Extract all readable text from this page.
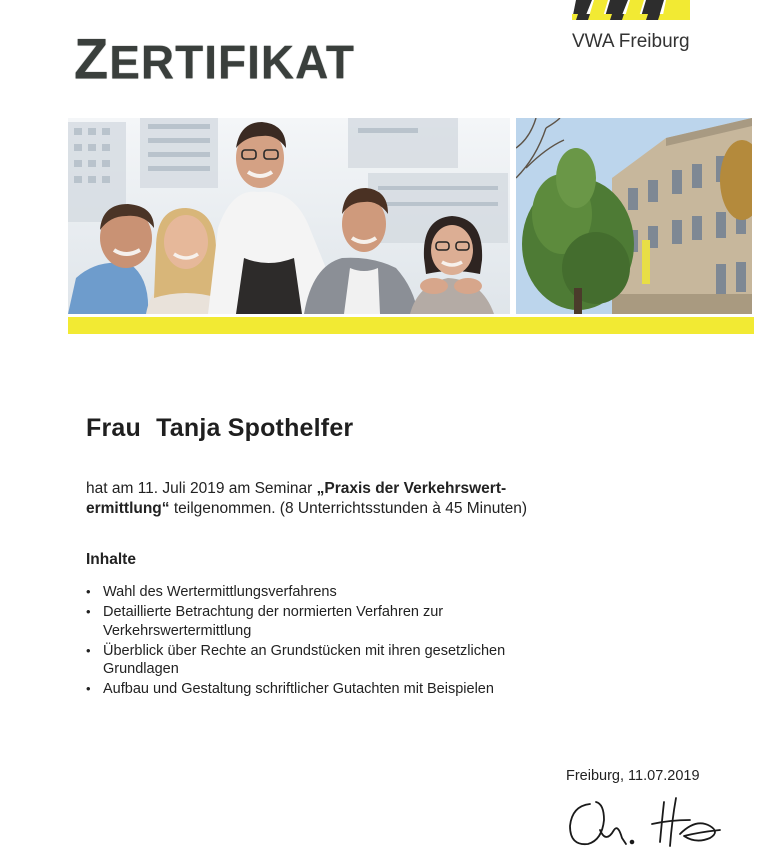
ZERTIFIKAT	VWA Freiburg
Frau Tanja Spothelfer
hat am 11. Juli 2019 am Seminar „Praxis der Verkehrswert-ermittlung“ teilgenommen. (8 Unterrichtsstunden à 45 Minuten)
Inhalte
• Wahl des Wertermittlungsverfahrens
• Detaillierte Betrachtung der normierten Verfahren zur Verkehrswertermittlung
• Überblick über Rechte an Grundstücken mit ihren gesetzlichen Grundlagen
• Aufbau und Gestaltung schriftlicher Gutachten mit Beispielen
Freiburg, 11.07.2019
